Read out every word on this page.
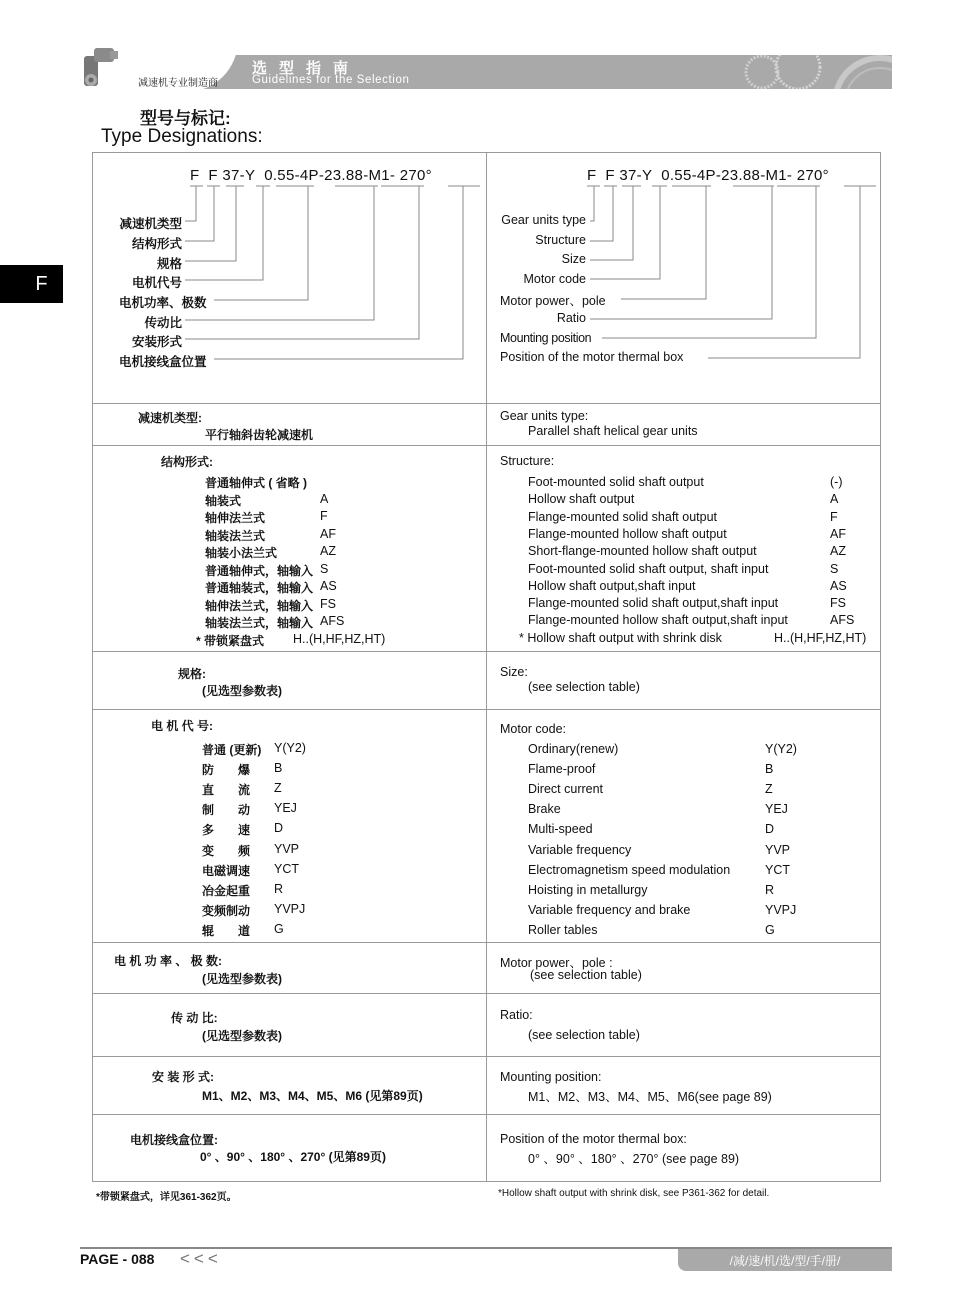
减速机专业制造商
选型指南
Guidelines for the Selection
型号与标记:
Type Designations:
F
F F 37-Y 0.55-4P-23.88-M1- 270°	F F 37-Y 0.55-4P-23.88-M1- 270°
减速机类型
结构形式
规格
电机代号
电机功率、极数
传动比
安装形式
电机接线盒位置
Gear units type
Structure
Size
Motor code
Motor power、pole
Ratio
Mounting position
Position of the motor thermal box
减速机类型:
平行轴斜齿轮减速机
Gear units type:
Parallel shaft helical gear units
结构形式:	Structure:
普通轴伸式 ( 省略 )
轴装式	A
轴伸法兰式	F
轴装法兰式	AF
轴装小法兰式	AZ
普通轴伸式，轴输入 S
普通轴装式，轴输入 AS
轴伸法兰式，轴输入 FS
轴装法兰式，轴输入 AFS
* 带锁紧盘式 H..(H,HF,HZ,HT)
Foot-mounted solid shaft output	(-)
Hollow shaft output	A
Flange-mounted solid shaft output	F
Flange-mounted hollow shaft output	AF
Short-flange-mounted hollow shaft output	AZ
Foot-mounted solid shaft output, shaft input	S
Hollow shaft output,shaft input	AS
Flange-mounted solid shaft output,shaft input	FS
Flange-mounted hollow shaft output,shaft input	AFS
* Hollow shaft output with shrink disk	H..(H,HF,HZ,HT)
规格:
(见选型参数表)
Size:
(see selection table)
电 机 代 号:	Motor code:
普通 (更新) Y(Y2)
防　　爆 B
直　　流 Z
制　　动 YEJ
多　　速 D
变　　频 YVP
电磁调速 YCT
冶金起重 R
变频制动 YVPJ
辊　　道 G
Ordinary(renew)	Y(Y2)
Flame-proof	B
Direct current	Z
Brake	YEJ
Multi-speed	D
Variable frequency	YVP
Electromagnetism speed modulation	YCT
Hoisting in metallurgy	R
Variable frequency and brake	YVPJ
Roller tables	G
电 机 功 率 、 极 数:
(见选型参数表)
Motor power、pole :
(see selection table)
传 动 比:
(见选型参数表)
Ratio:
(see selection table)
安 装 形 式:
M1、M2、M3、M4、M5、M6 (见第89页)
Mounting position:
M1、M2、M3、M4、M5、M6(see page 89)
电机接线盒位置:
0° 、90° 、180° 、270° (见第89页)
Position of the motor thermal box:
0° 、90° 、180° 、270° (see page 89)
*带锁紧盘式，详见361-362页。	*Hollow shaft output with shrink disk, see P361-362 for detail.
PAGE - 088 <<<	/减/速/机/选/型/手/册/
